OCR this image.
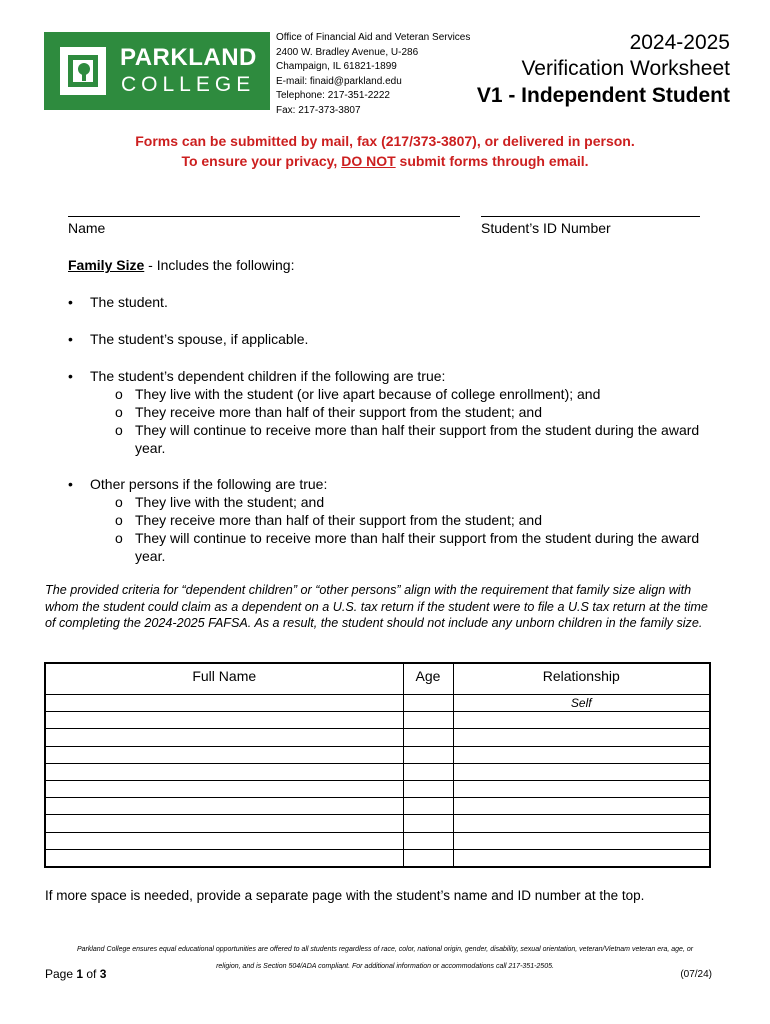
PARKLAND
COLLEGE
Office of Financial Aid and Veteran Services
2400 W. Bradley Avenue, U-286
Champaign, IL 61821-1899
E-mail: finaid@parkland.edu
Telephone: 217-351-2222
Fax: 217-373-3807
2024-2025
Verification Worksheet
V1 - Independent Student
Forms can be submitted by mail, fax (217/373-3807), or delivered in person.
To ensure your privacy, DO NOT submit forms through email.
Name	Student’s ID Number
Family Size - Includes the following:
• The student.
• The student’s spouse, if applicable.
• The student’s dependent children if the following are true:
o They live with the student (or live apart because of college enrollment); and
o They receive more than half of their support from the student; and
o They will continue to receive more than half their support from the student during the award year.
• Other persons if the following are true:
o They live with the student; and
o They receive more than half of their support from the student; and
o They will continue to receive more than half their support from the student during the award year.
The provided criteria for “dependent children” or “other persons” align with the requirement that family size align with whom the student could claim as a dependent on a U.S. tax return if the student were to file a U.S tax return at the time of completing the 2024-2025 FAFSA. As a result, the student should not include any unborn children in the family size.
Full Name	Age	Relationship
		Self

If more space is needed, provide a separate page with the student’s name and ID number at the top.
Parkland College ensures equal educational opportunities are offered to all students regardless of race, color, national origin, gender, disability, sexual orientation, veteran/Vietnam veteran era, age, or
religion, and is Section 504/ADA compliant. For additional information or accommodations call 217-351-2505.
Page 1 of 3	(07/24)
